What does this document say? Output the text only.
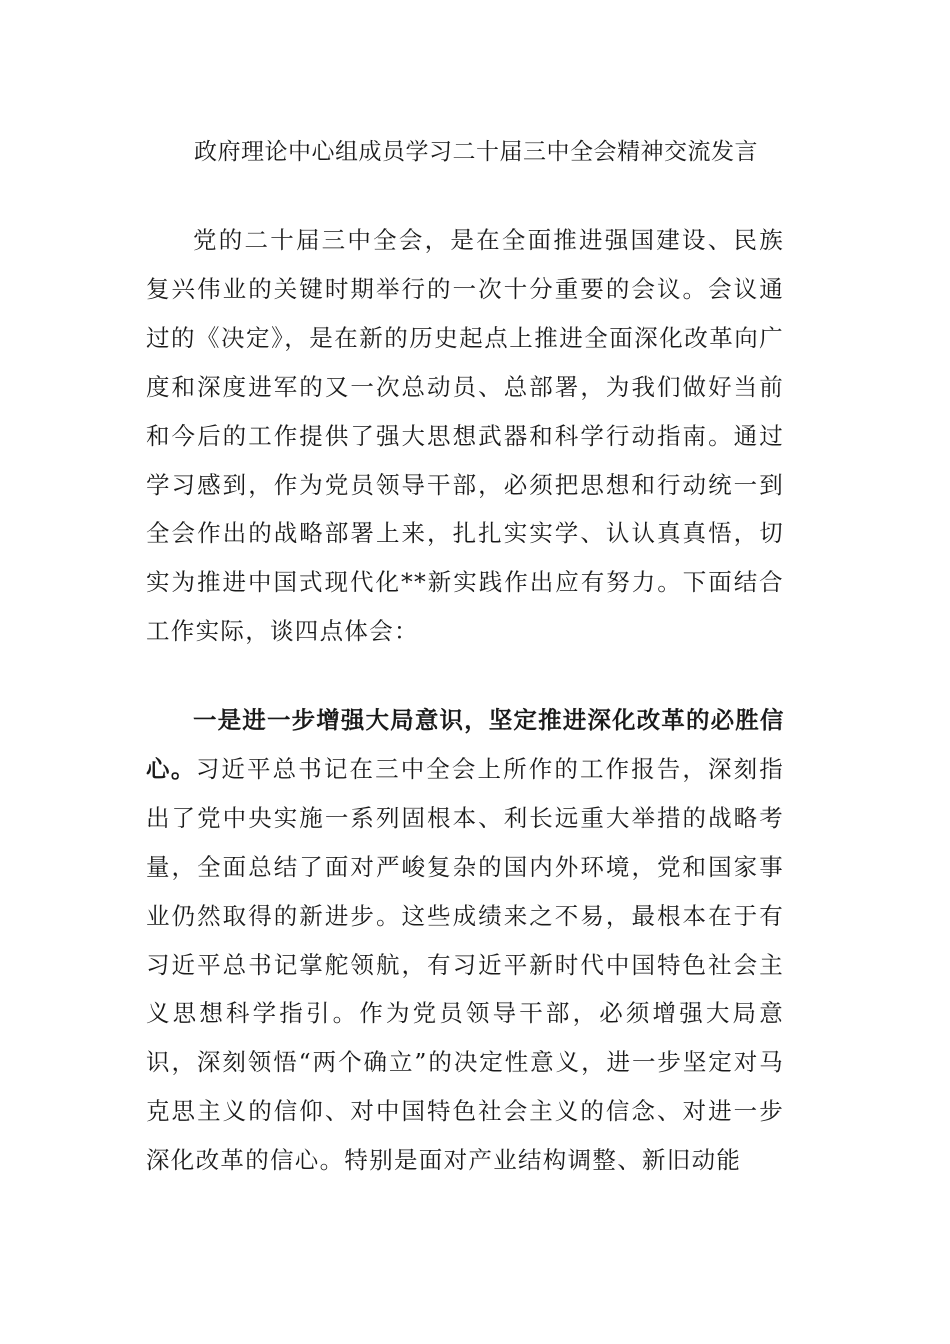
政府理论中心组成员学习二十届三中全会精神交流发言

党的二十届三中全会，是在全面推进强国建设、民族复兴伟业的关键时期举行的一次十分重要的会议。会议通过的《决定》，是在新的历史起点上推进全面深化改革向广度和深度进军的又一次总动员、总部署，为我们做好当前和今后的工作提供了强大思想武器和科学行动指南。通过学习感到，作为党员领导干部，必须把思想和行动统一到全会作出的战略部署上来，扎扎实实学、认认真真悟，切实为推进中国式现代化**新实践作出应有努力。下面结合工作实际，谈四点体会：

一是进一步增强大局意识，坚定推进深化改革的必胜信心。习近平总书记在三中全会上所作的工作报告，深刻指出了党中央实施一系列固根本、利长远重大举措的战略考量，全面总结了面对严峻复杂的国内外环境，党和国家事业仍然取得的新进步。这些成绩来之不易，最根本在于有习近平总书记掌舵领航，有习近平新时代中国特色社会主义思想科学指引。作为党员领导干部，必须增强大局意识，深刻领悟“两个确立”的决定性意义，进一步坚定对马克思主义的信仰、对中国特色社会主义的信念、对进一步深化改革的信心。特别是面对产业结构调整、新旧动能
